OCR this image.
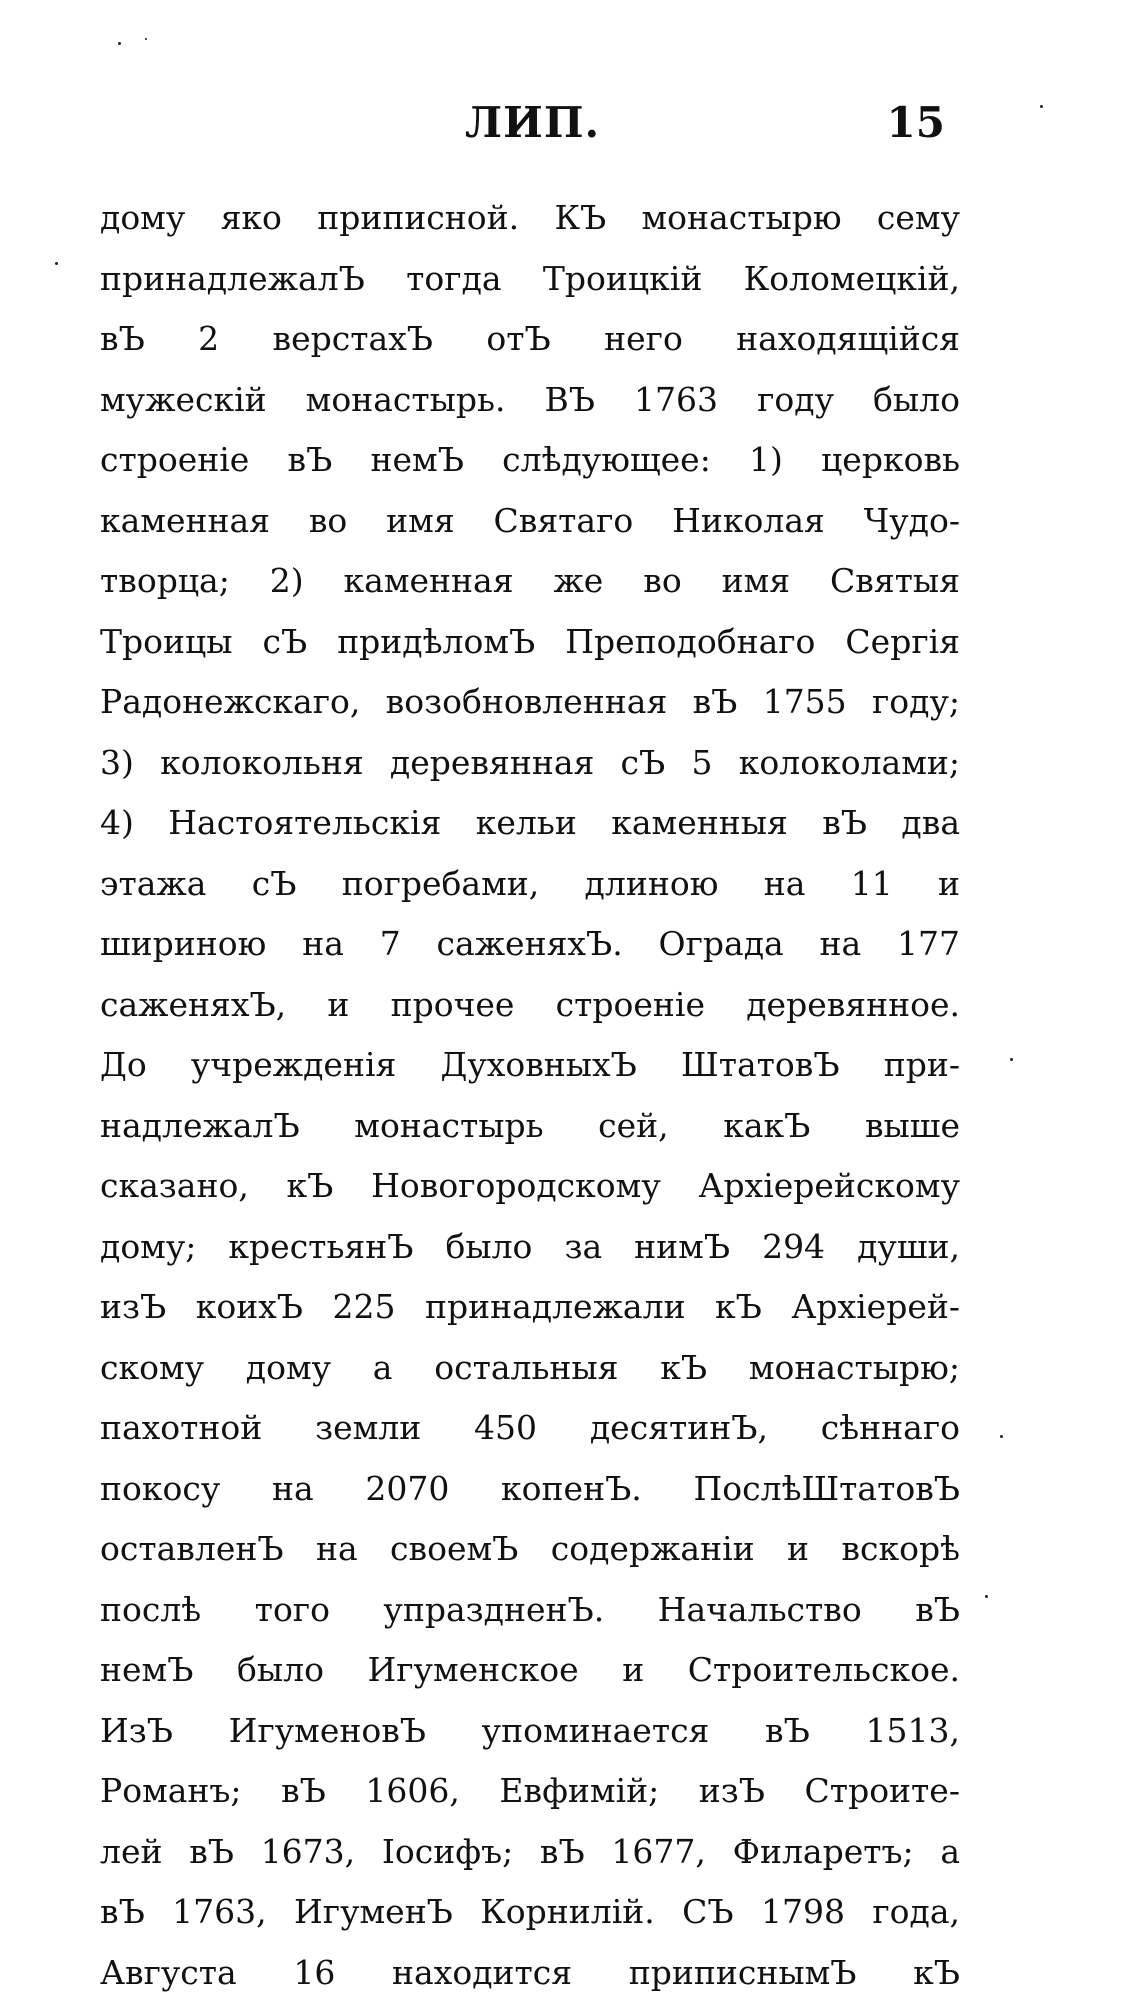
ЛИП.	15
дому яко приписной. КЪ монастырю сему
принадлежалЪ тогда Троицкій Коломецкій,
вЪ 2 верстахЪ отЪ него находящійся
мужескій монастырь. ВЪ 1763 году было
строеніе вЪ немЪ слѣдующее: 1) церковь
каменная во имя Святаго Николая Чудо-
творца; 2) каменная же во имя Святыя
Троицы сЪ придѣломЪ Преподобнаго Сергія
Радонежскаго, возобновленная вЪ 1755 году;
3) колокольня деревянная сЪ 5 колоколами;
4) Настоятельскія кельи каменныя вЪ два
этажа сЪ погребами, длиною на 11 и
шириною на 7 саженяхЪ. Ограда на 177
саженяхЪ, и прочее строеніе деревянное.
До учрежденія ДуховныхЪ ШтатовЪ при-
надлежалЪ монастырь сей, какЪ выше
сказано, кЪ Новогородскому Архіерейскому
дому; крестьянЪ было за нимЪ 294 души,
изЪ коихЪ 225 принадлежали кЪ Архіерей-
скому дому а остальныя кЪ монастырю;
пахотной земли 450 десятинЪ, сѣннаго
покосу на 2070 копенЪ. ПослѣШтатовЪ
оставленЪ на своемЪ содержаніи и вскорѣ
послѣ того упраздненЪ. Начальство вЪ
немЪ было Игуменское и Строительское.
ИзЪ ИгуменовЪ упоминается вЪ 1513,
Романъ; вЪ 1606, Евфимій; изЪ Строите-
лей вЪ 1673, Іосифъ; вЪ 1677, Филаретъ; а
вЪ 1763, ИгуменЪ Корнилій. СЪ 1798 года,
Августа 16 находится приписнымЪ кЪ
